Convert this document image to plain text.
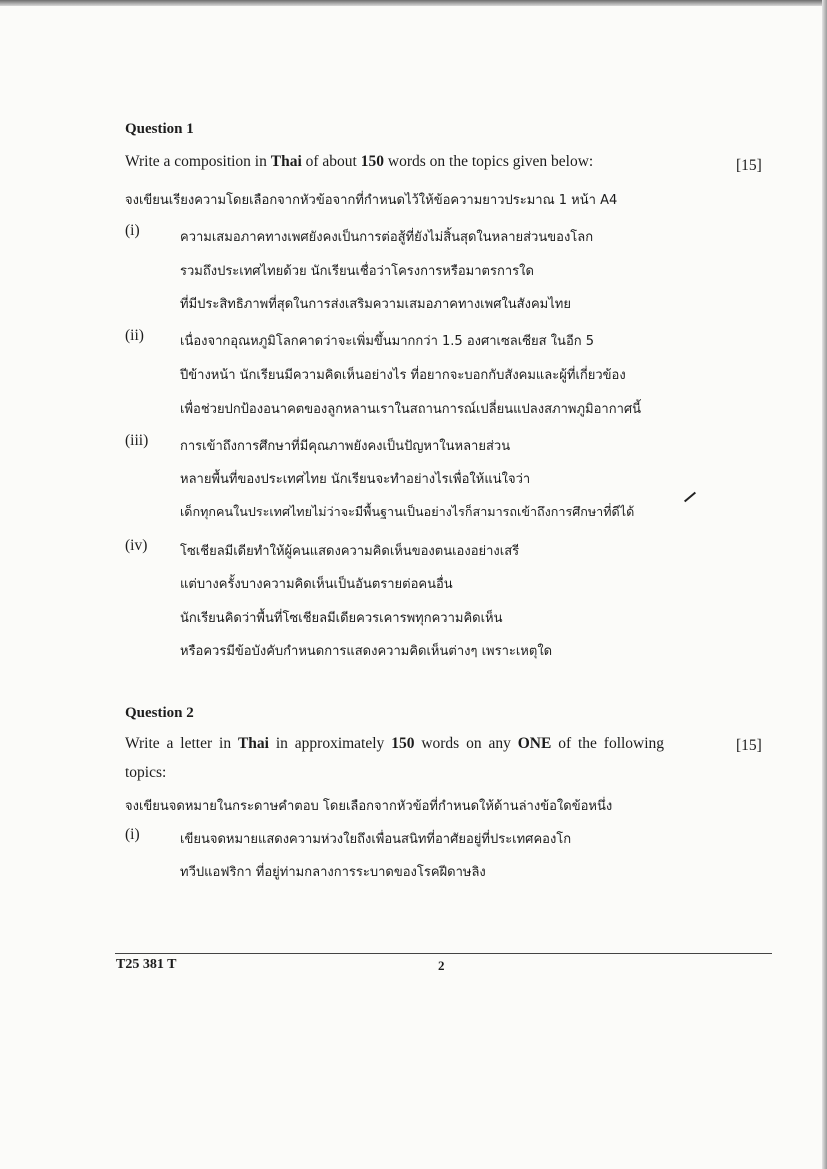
Question 1
Write a composition in Thai of about 150 words on the topics given below:	[15]
จงเขียนเรียงความโดยเลือกจากหัวข้อจากที่กำหนดไว้ให้ข้อความยาวประมาณ 1 หน้า A4
(i)	ความเสมอภาคทางเพศยังคงเป็นการต่อสู้ที่ยังไม่สิ้นสุดในหลายส่วนของโลก
รวมถึงประเทศไทยด้วย นักเรียนเชื่อว่าโครงการหรือมาตรการใด
ที่มีประสิทธิภาพที่สุดในการส่งเสริมความเสมอภาคทางเพศในสังคมไทย
(ii)	เนื่องจากอุณหภูมิโลกคาดว่าจะเพิ่มขึ้นมากกว่า 1.5 องศาเซลเซียส ในอีก 5
ปีข้างหน้า นักเรียนมีความคิดเห็นอย่างไร ที่อยากจะบอกกับสังคมและผู้ที่เกี่ยวข้อง
เพื่อช่วยปกป้องอนาคตของลูกหลานเราในสถานการณ์เปลี่ยนแปลงสภาพภูมิอากาศนี้
(iii) การเข้าถึงการศึกษาที่มีคุณภาพยังคงเป็นปัญหาในหลายส่วน
หลายพื้นที่ของประเทศไทย นักเรียนจะทำอย่างไรเพื่อให้แน่ใจว่า
เด็กทุกคนในประเทศไทยไม่ว่าจะมีพื้นฐานเป็นอย่างไรก็สามารถเข้าถึงการศึกษาที่ดีได้
(iv)	โซเชียลมีเดียทำให้ผู้คนแสดงความคิดเห็นของตนเองอย่างเสรี
แต่บางครั้งบางความคิดเห็นเป็นอันตรายต่อคนอื่น
นักเรียนคิดว่าพื้นที่โซเชียลมีเดียควรเคารพทุกความคิดเห็น
หรือควรมีข้อบังคับกำหนดการแสดงความคิดเห็นต่างๆ เพราะเหตุใด
Question 2
Write a letter in Thai in approximately 150 words on any ONE of the following	[15]
topics:
จงเขียนจดหมายในกระดาษคำตอบ โดยเลือกจากหัวข้อที่กำหนดให้ด้านล่างข้อใดข้อหนึ่ง
(i)	เขียนจดหมายแสดงความห่วงใยถึงเพื่อนสนิทที่อาศัยอยู่ที่ประเทศคองโก
ทวีปแอฟริกา ที่อยู่ท่ามกลางการระบาดของโรคฝีดาษลิง
T25 381 T	2
